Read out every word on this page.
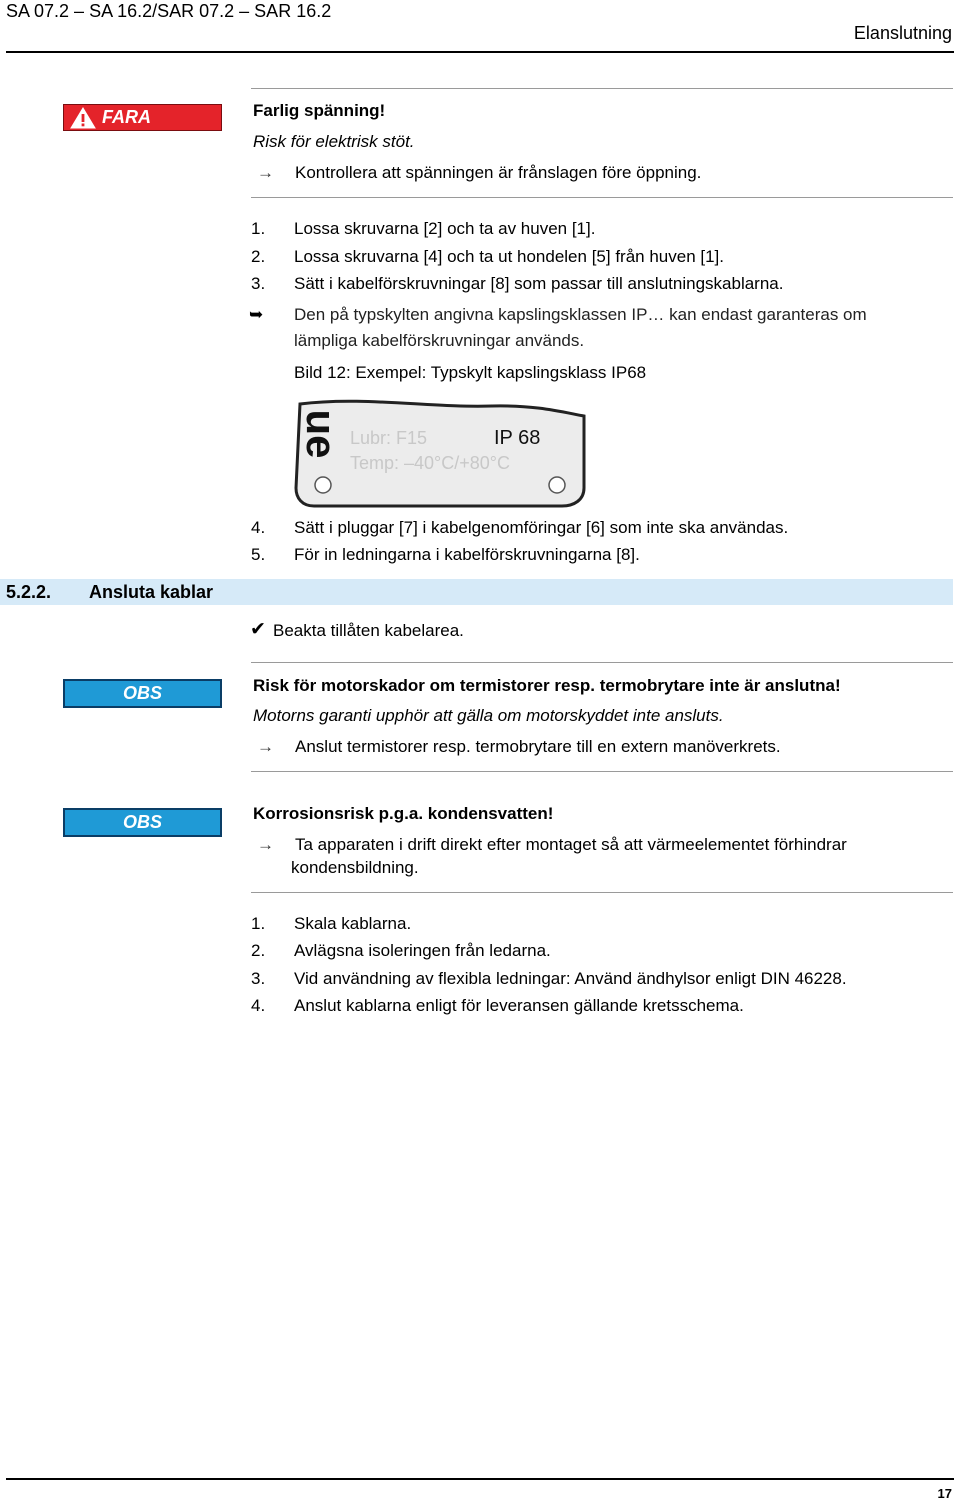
SA 07.2 – SA 16.2/SAR 07.2 – SAR 16.2
Elanslutning
FARA	Farlig spänning!
Risk för elektrisk stöt.
→ Kontrollera att spänningen är frånslagen före öppning.
1.	Lossa skruvarna [2] och ta av huven [1].
2.	Lossa skruvarna [4] och ta ut hondelen [5] från huven [1].
3.	Sätt i kabelförskruvningar [8] som passar till anslutningskablarna.
➥ Den på typskylten angivna kapslingsklassen IP… kan endast garanteras om
lämpliga kabelförskruvningar används.
Bild 12: Exempel: Typskylt kapslingsklass IP68
ue Lubr: F15	IP 68
Temp: –40°C/+80°C
4.	Sätt i pluggar [7] i kabelgenomföringar [6] som inte ska användas.
5.	För in ledningarna i kabelförskruvningarna [8].
5.2.2. Ansluta kablar
✔ Beakta tillåten kabelarea.
OBS	Risk för motorskador om termistorer resp. termobrytare inte är anslutna!
Motorns garanti upphör att gälla om motorskyddet inte ansluts.
→ Anslut termistorer resp. termobrytare till en extern manöverkrets.
OBS	Korrosionsrisk p.g.a. kondensvatten!
→ Ta apparaten i drift direkt efter montaget så att värmeelementet förhindrar
kondensbildning.
1.	Skala kablarna.
2.	Avlägsna isoleringen från ledarna.
3.	Vid användning av flexibla ledningar: Använd ändhylsor enligt DIN 46228.
4.	Anslut kablarna enligt för leveransen gällande kretsschema.
17
